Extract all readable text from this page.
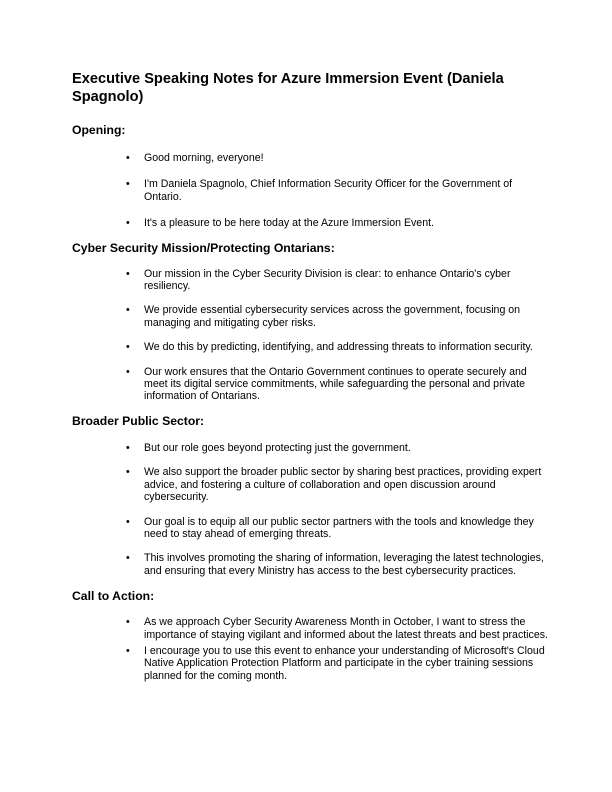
Executive Speaking Notes for Azure Immersion Event (Daniela Spagnolo)
Opening:
• Good morning, everyone!
• I'm Daniela Spagnolo, Chief Information Security Officer for the Government of Ontario.
• It's a pleasure to be here today at the Azure Immersion Event.
Cyber Security Mission/Protecting Ontarians:
• Our mission in the Cyber Security Division is clear: to enhance Ontario's cyber resiliency.
• We provide essential cybersecurity services across the government, focusing on managing and mitigating cyber risks.
• We do this by predicting, identifying, and addressing threats to information security.
• Our work ensures that the Ontario Government continues to operate securely and meet its digital service commitments, while safeguarding the personal and private information of Ontarians.
Broader Public Sector:
• But our role goes beyond protecting just the government.
• We also support the broader public sector by sharing best practices, providing expert advice, and fostering a culture of collaboration and open discussion around cybersecurity.
• Our goal is to equip all our public sector partners with the tools and knowledge they need to stay ahead of emerging threats.
• This involves promoting the sharing of information, leveraging the latest technologies, and ensuring that every Ministry has access to the best cybersecurity practices.
Call to Action:
• As we approach Cyber Security Awareness Month in October, I want to stress the importance of staying vigilant and informed about the latest threats and best practices.
• I encourage you to use this event to enhance your understanding of Microsoft's Cloud Native Application Protection Platform and participate in the cyber training sessions planned for the coming month.
